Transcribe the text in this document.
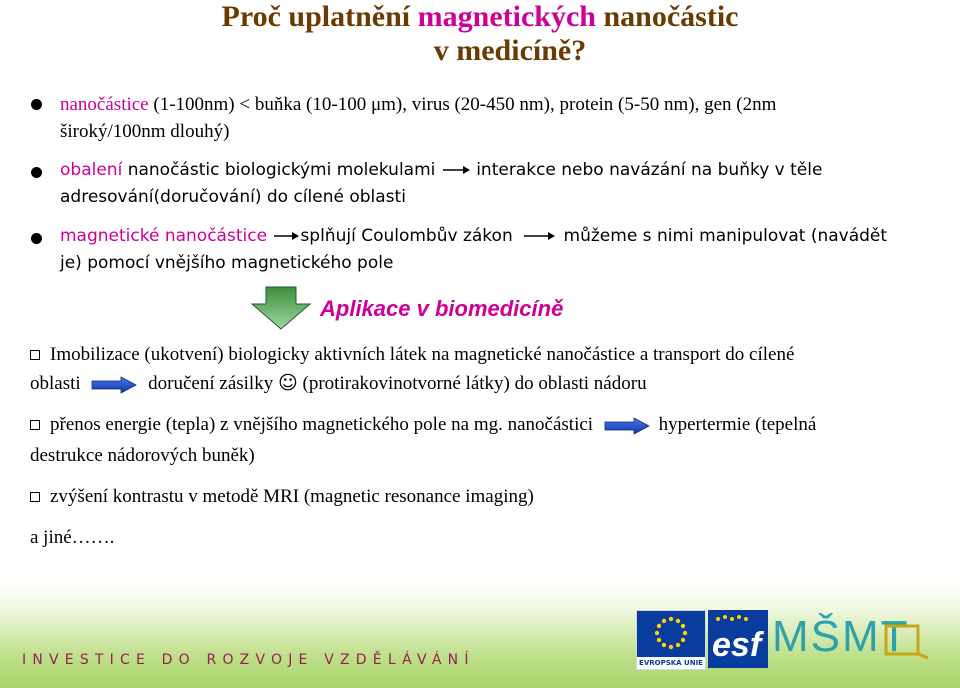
Proč uplatnění magnetických nanočástic
v medicíně?
nanočástice (1-100nm) < buňka (10-100 μm), virus (20-450 nm), protein (5-50 nm), gen (2nm
široký/100nm dlouhý)
obalení nanočástic biologickými molekulami interakce nebo navázání na buňky v těle
adresování(doručování) do cílené oblasti
magnetické nanočástice splňují Coulombův zákon	můžeme s nimi manipulovat (navádět
je) pomocí vnějšího magnetického pole
Aplikace v biomedicíně
Imobilizace (ukotvení) biologicky aktivních látek na magnetické nanočástice a transport do cílené
oblasti	doručení zásilky ☺ (protirakovinotvorné látky) do oblasti nádoru
přenos energie (tepla) z vnějšího magnetického pole na mg. nanočástici	hypertermie (tepelná
destrukce nádorových buněk)
zvýšení kontrastu v metodě MRI (magnetic resonance imaging)
a jiné…….
INVESTICE DO ROZVOJE VZDĚLÁVÁNÍ	EVROPSKÁ UNIE esf MŠMT
